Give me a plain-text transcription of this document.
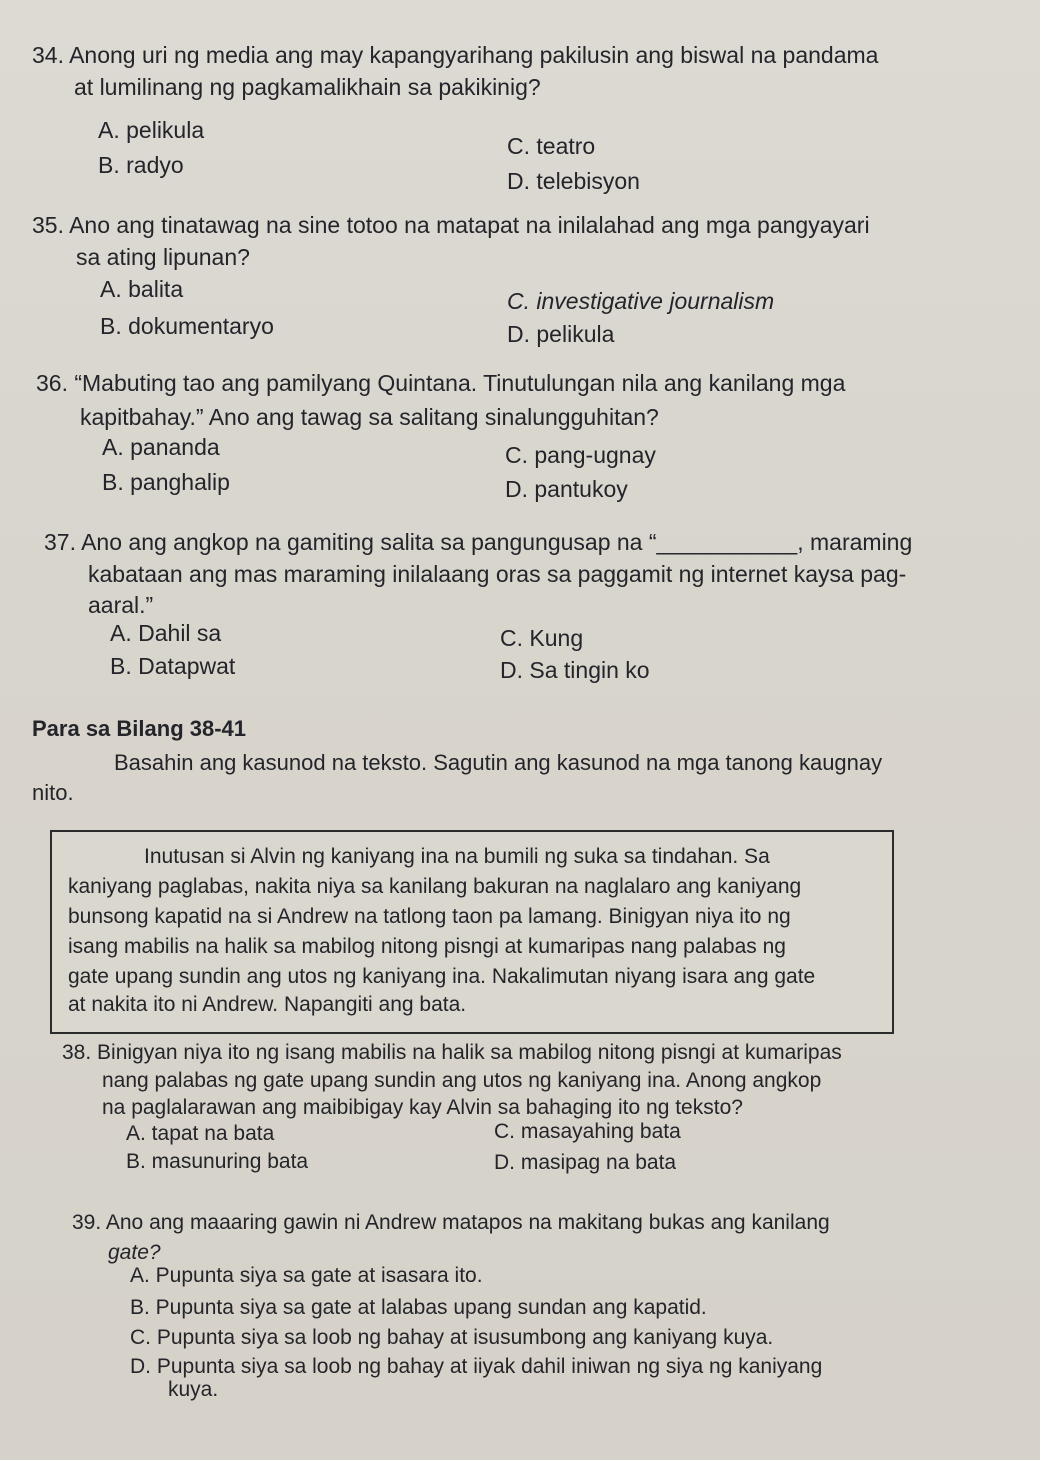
34. Anong uri ng media ang may kapangyarihang pakilusin ang biswal na pandama
at lumilinang ng pagkamalikhain sa pakikinig?
A. pelikula
B. radyo
C. teatro
D. telebisyon
35. Ano ang tinatawag na sine totoo na matapat na inilalahad ang mga pangyayari
sa ating lipunan?
A. balita
B. dokumentaryo
C. investigative journalism
D. pelikula
36. “Mabuting tao ang pamilyang Quintana. Tinutulungan nila ang kanilang mga
kapitbahay.” Ano ang tawag sa salitang sinalungguhitan?
A. pananda
B. panghalip
C. pang-ugnay
D. pantukoy
37. Ano ang angkop na gamiting salita sa pangungusap na “___________, maraming
kabataan ang mas maraming inilalaang oras sa paggamit ng internet kaysa pag-
aaral.”
A. Dahil sa
B. Datapwat
C. Kung
D. Sa tingin ko
Para sa Bilang 38-41
Basahin ang kasunod na teksto. Sagutin ang kasunod na mga tanong kaugnay
nito.

Inutusan si Alvin ng kaniyang ina na bumili ng suka sa tindahan. Sa

kaniyang paglabas, nakita niya sa kanilang bakuran na naglalaro ang kaniyang

bunsong kapatid na si Andrew na tatlong taon pa lamang. Binigyan niya ito ng

isang mabilis na halik sa mabilog nitong pisngi at kumaripas nang palabas ng

gate upang sundin ang utos ng kaniyang ina. Nakalimutan niyang isara ang gate

at nakita ito ni Andrew. Napangiti ang bata.

38. Binigyan niya ito ng isang mabilis na halik sa mabilog nitong pisngi at kumaripas
nang palabas ng gate upang sundin ang utos ng kaniyang ina. Anong angkop
na paglalarawan ang maibibigay kay Alvin sa bahaging ito ng teksto?
A. tapat na bata
B. masunuring bata
C. masayahing bata
D. masipag na bata
39. Ano ang maaaring gawin ni Andrew matapos na makitang bukas ang kanilang
gate?
A. Pupunta siya sa gate at isasara ito.
B. Pupunta siya sa gate at lalabas upang sundan ang kapatid.
C. Pupunta siya sa loob ng bahay at isusumbong ang kaniyang kuya.
D. Pupunta siya sa loob ng bahay at iiyak dahil iniwan ng siya ng kaniyang
kuya.
